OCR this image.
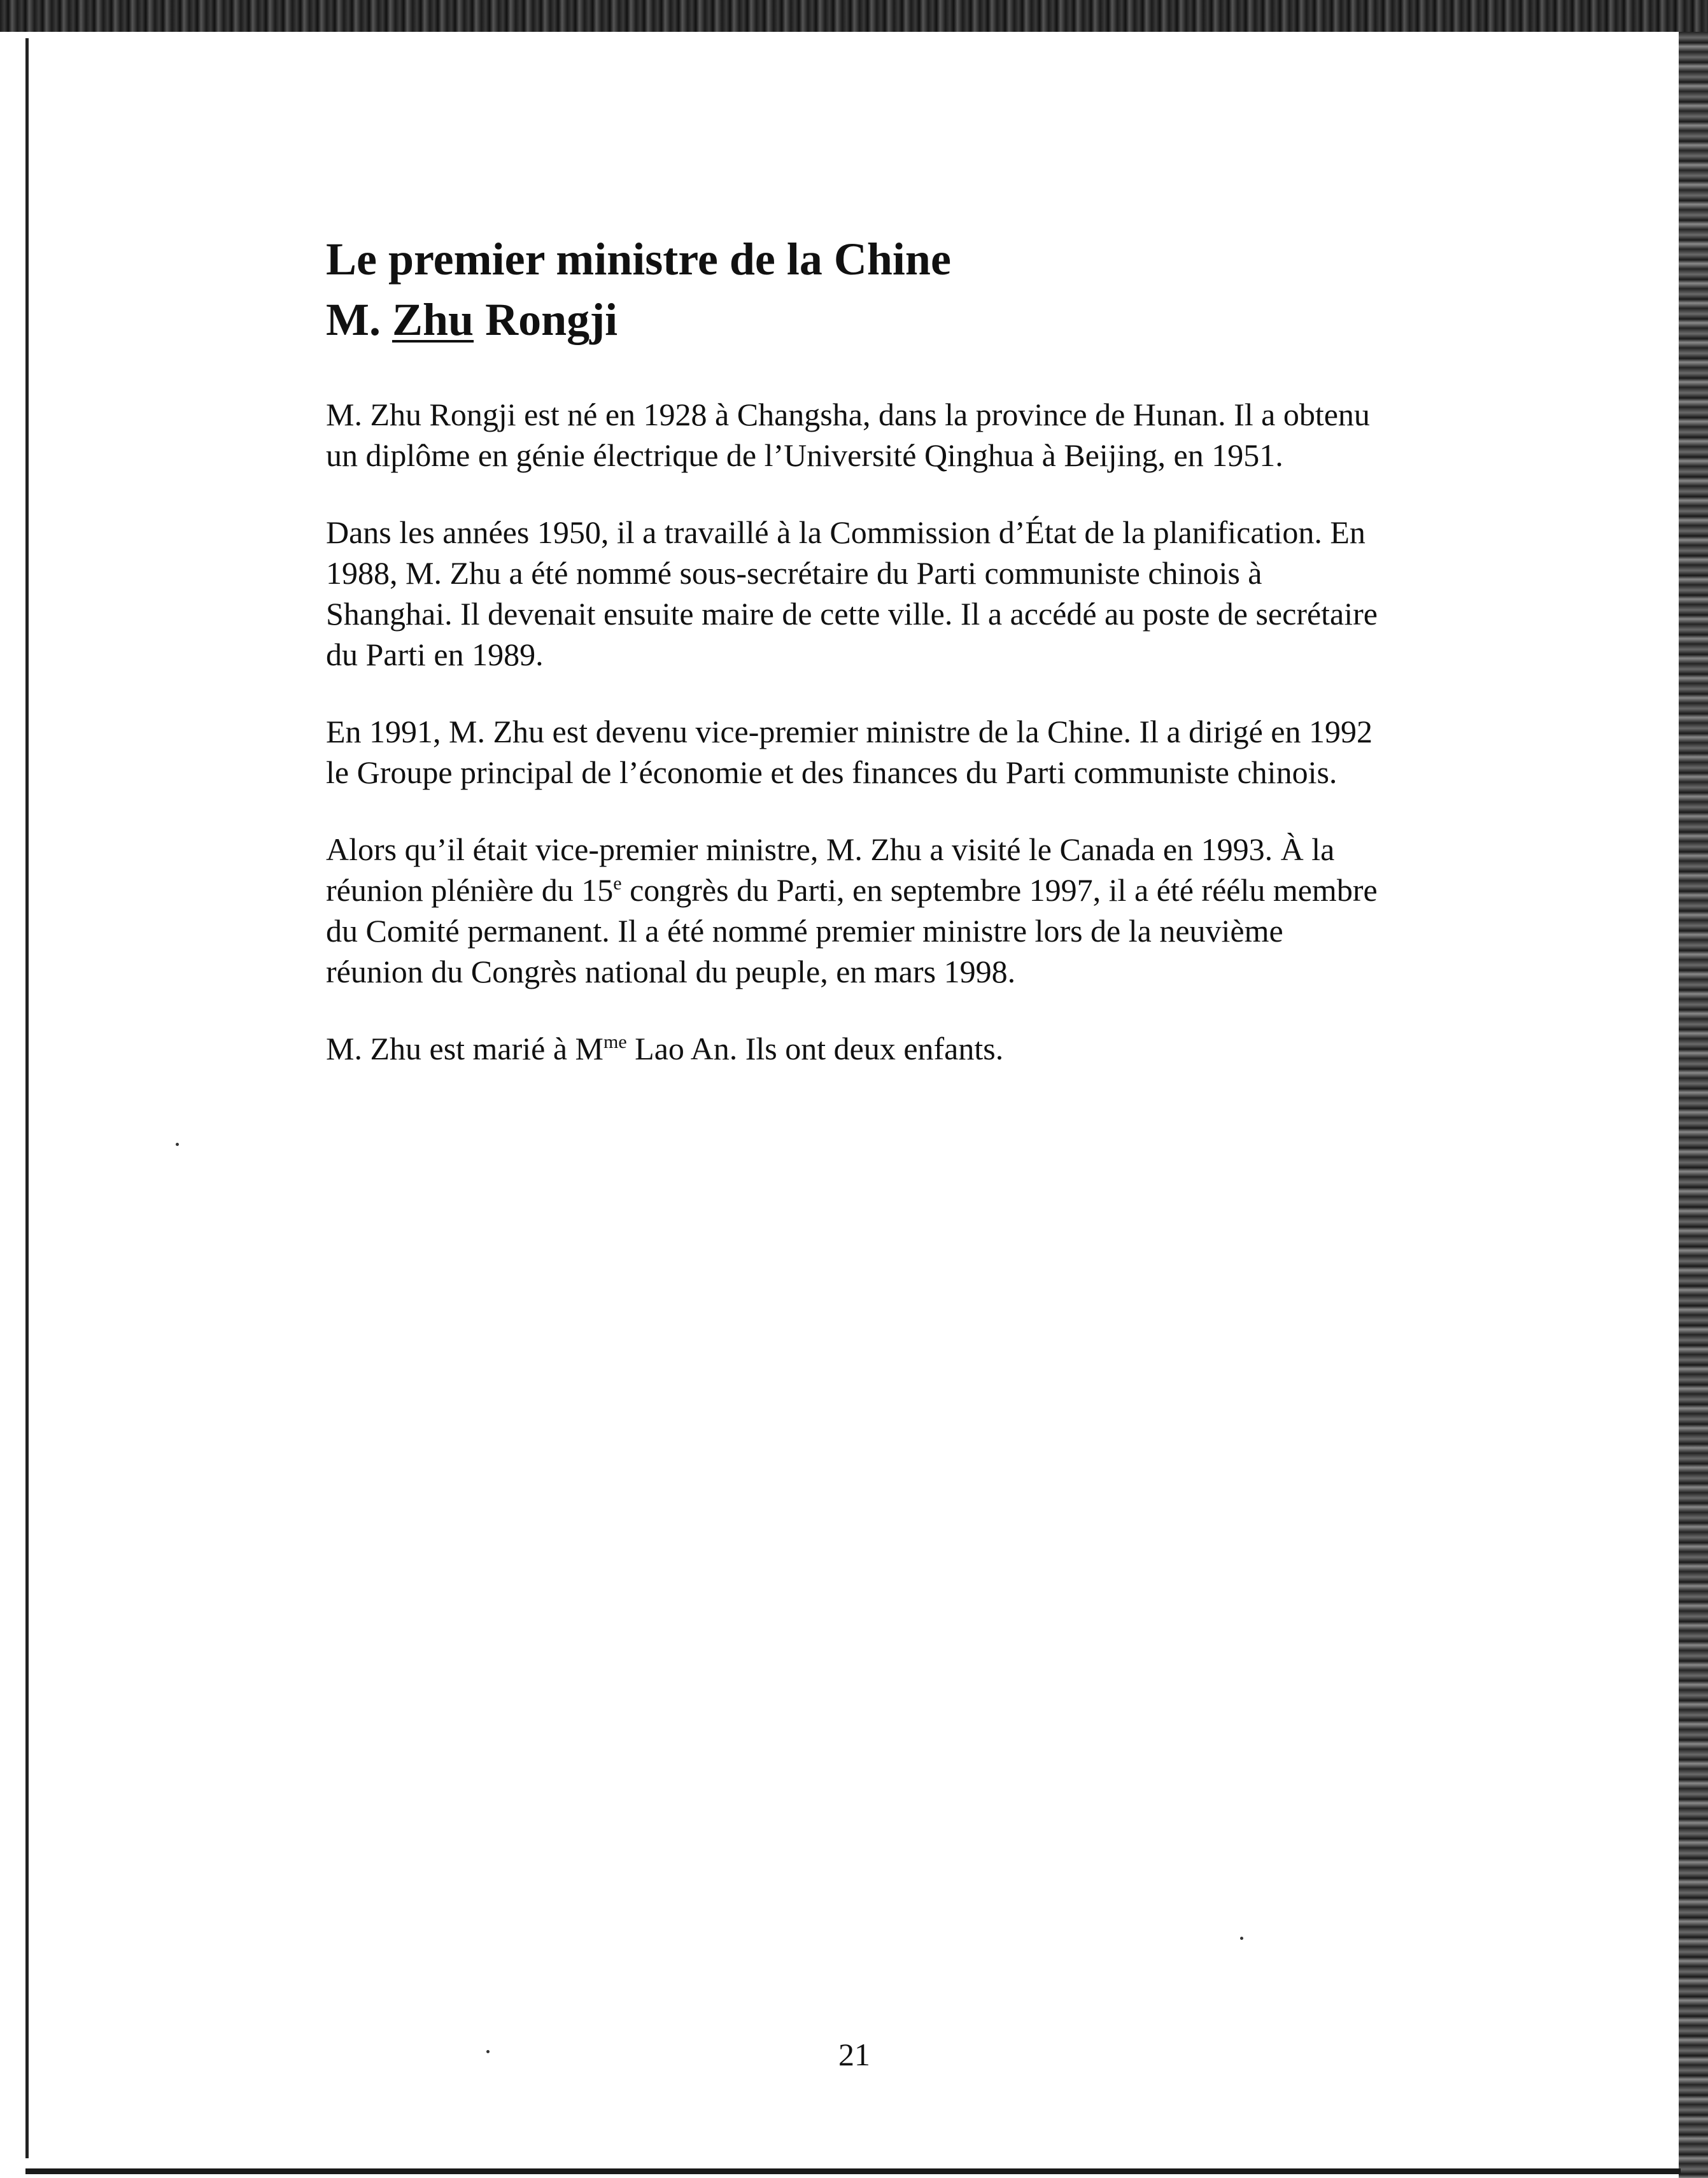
Le premier ministre de la Chine
M. Zhu Rongji

M. Zhu Rongji est né en 1928 à Changsha, dans la province de Hunan. Il a obtenu
un diplôme en génie électrique de l’Université Qinghua à Beijing, en 1951.

Dans les années 1950, il a travaillé à la Commission d’État de la planification. En
1988, M. Zhu a été nommé sous-secrétaire du Parti communiste chinois à
Shanghai. Il devenait ensuite maire de cette ville. Il a accédé au poste de secrétaire
du Parti en 1989.

En 1991, M. Zhu est devenu vice-premier ministre de la Chine. Il a dirigé en 1992
le Groupe principal de l’économie et des finances du Parti communiste chinois.

Alors qu’il était vice-premier ministre, M. Zhu a visité le Canada en 1993. À la
réunion plénière du 15e congrès du Parti, en septembre 1997, il a été réélu membre
du Comité permanent. Il a été nommé premier ministre lors de la neuvième
réunion du Congrès national du peuple, en mars 1998.

M. Zhu est marié à $M^{me}$ Lao An. Ils ont deux enfants.

21
